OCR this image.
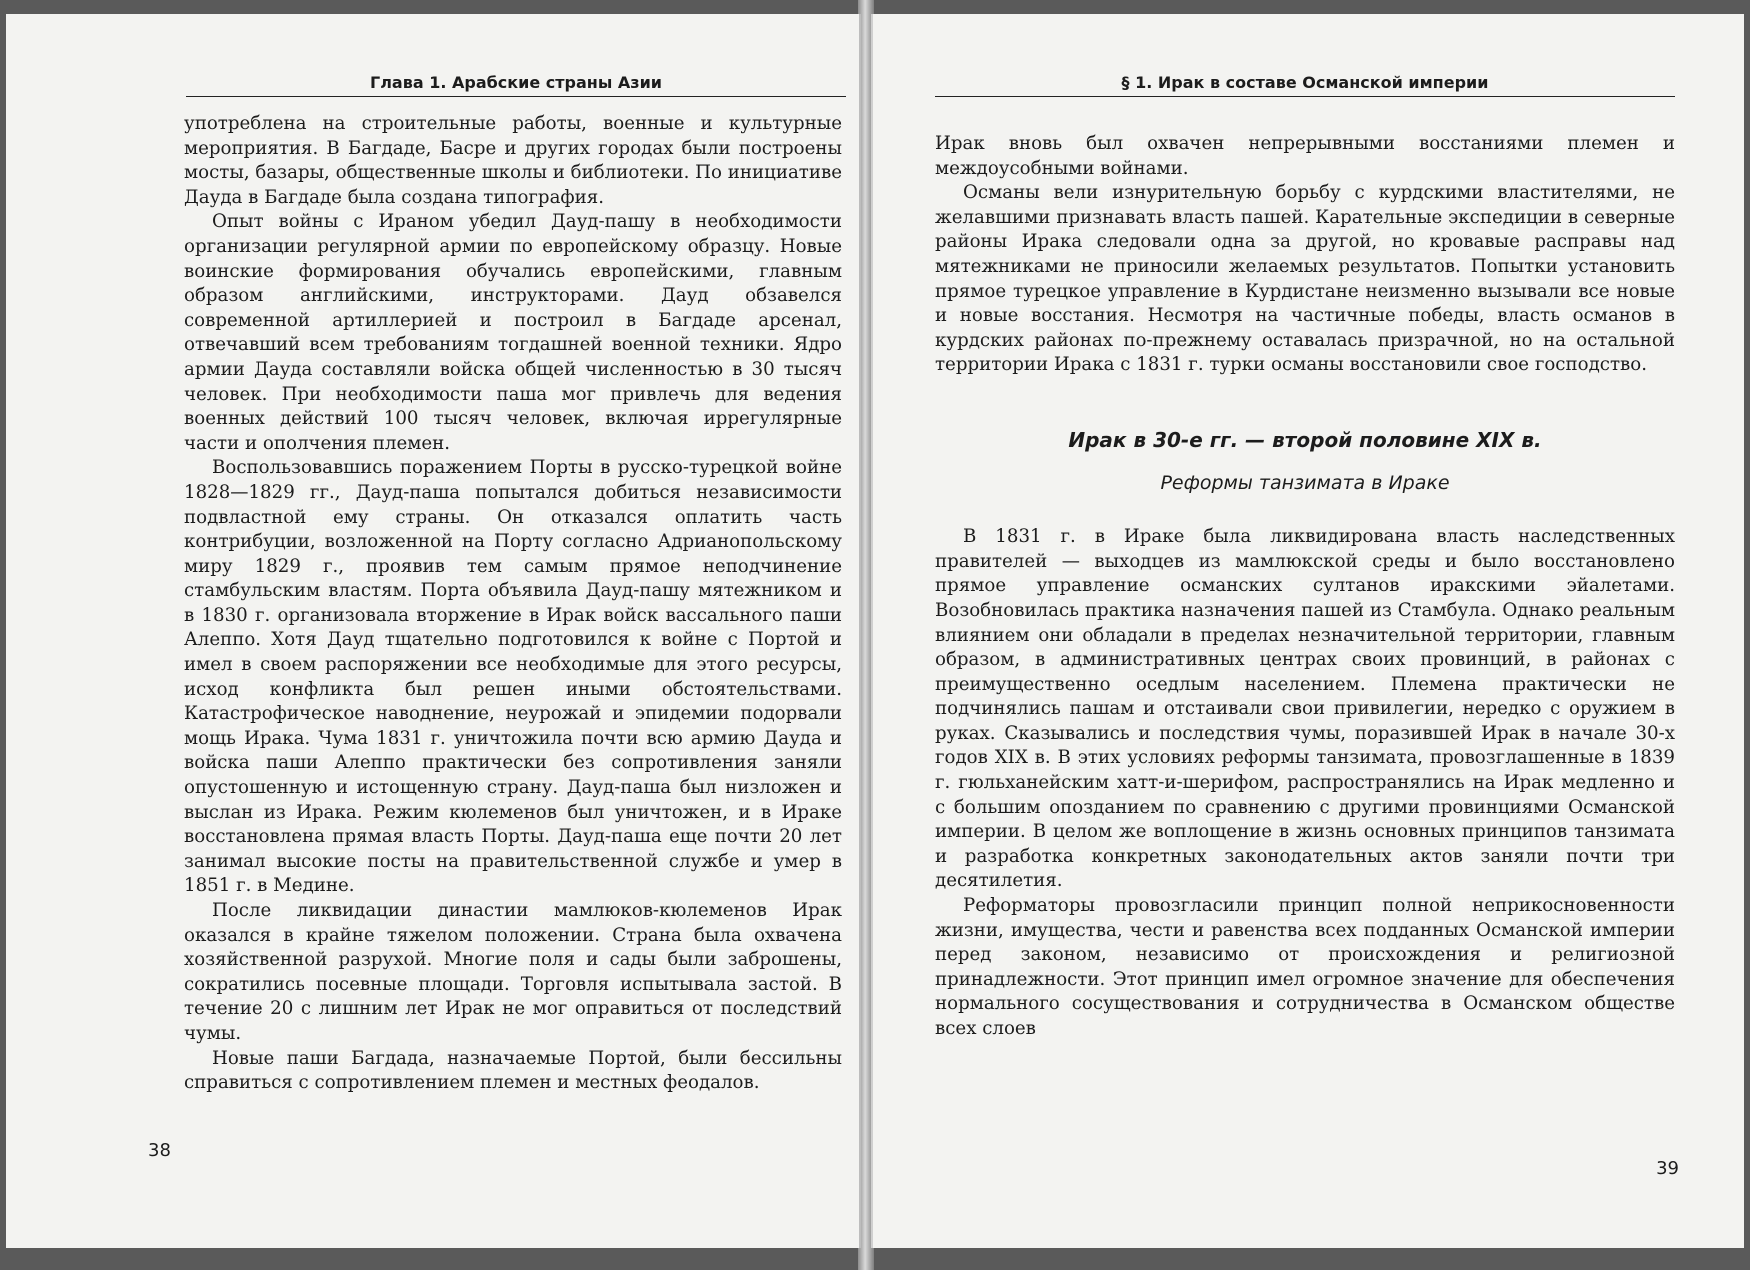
Глава 1. Арабские страны Азии

употреблена на строительные работы, военные и культурные мероприятия. В Багдаде, Басре и других городах были построены мосты, базары, общественные школы и библиотеки. По инициативе Дауда в Багдаде была создана типография.

Опыт войны с Ираном убедил Дауд-пашу в необходимости организации регулярной армии по европейскому образцу. Новые воинские формирования обучались европейскими, главным образом английскими, инструкторами. Дауд обзавелся современной артиллерией и построил в Багдаде арсенал, отвечавший всем требованиям тогдашней военной техники. Ядро армии Дауда составляли войска общей численностью в 30 тысяч человек. При необходимости паша мог привлечь для ведения военных действий 100 тысяч человек, включая иррегулярные части и ополчения племен.

Воспользовавшись поражением Порты в русско-турецкой войне 1828—1829 гг., Дауд-паша попытался добиться независимости подвластной ему страны. Он отказался оплатить часть контрибуции, возложенной на Порту согласно Адрианопольскому миру 1829 г., проявив тем самым прямое неподчинение стамбульским властям. Порта объявила Дауд-пашу мятежником и в 1830 г. организовала вторжение в Ирак войск вассального паши Алеппо. Хотя Дауд тщательно подготовился к войне с Портой и имел в своем распоряжении все необходимые для этого ресурсы, исход конфликта был решен иными обстоятельствами. Катастрофическое наводнение, неурожай и эпидемии подорвали мощь Ирака. Чума 1831 г. уничтожила почти всю армию Дауда и войска паши Алеппо практически без сопротивления заняли опустошенную и истощенную страну. Дауд-паша был низложен и выслан из Ирака. Режим кюлеменов был уничтожен, и в Ираке восстановлена прямая власть Порты. Дауд-паша еще почти 20 лет занимал высокие посты на правительственной службе и умер в 1851 г. в Медине.

После ликвидации династии мамлюков-кюлеменов Ирак оказался в крайне тяжелом положении. Страна была охвачена хозяйственной разрухой. Многие поля и сады были заброшены, сократились посевные площади. Торговля испытывала застой. В течение 20 с лишним лет Ирак не мог оправиться от последствий чумы.

Новые паши Багдада, назначаемые Портой, были бессильны справиться с сопротивлением племен и местных феодалов.

38
§ 1. Ирак в составе Османской империи

Ирак вновь был охвачен непрерывными восстаниями племен и междоусобными войнами.

Османы вели изнурительную борьбу с курдскими властителями, не желавшими признавать власть пашей. Карательные экспедиции в северные районы Ирака следовали одна за другой, но кровавые расправы над мятежниками не приносили желаемых результатов. Попытки установить прямое турецкое управление в Курдистане неизменно вызывали все новые и новые восстания. Несмотря на частичные победы, власть османов в курдских районах по-прежнему оставалась призрачной, но на остальной территории Ирака с 1831 г. турки османы восстановили свое господство.

Ирак в 30-е гг. — второй половине XIX в.
Реформы танзимата в Ираке

В 1831 г. в Ираке была ликвидирована власть наследственных правителей — выходцев из мамлюкской среды и было восстановлено прямое управление османских султанов иракскими эйалетами. Возобновилась практика назначения пашей из Стамбула. Однако реальным влиянием они обладали в пределах незначительной территории, главным образом, в административных центрах своих провинций, в районах с преимущественно оседлым населением. Племена практически не подчинялись пашам и отстаивали свои привилегии, нередко с оружием в руках. Сказывались и последствия чумы, поразившей Ирак в начале 30-х годов XIX в. В этих условиях реформы танзимата, провозглашенные в 1839 г. гюльханейским хатт-и-шерифом, распространялись на Ирак медленно и с большим опозданием по сравнению с другими провинциями Османской империи. В целом же воплощение в жизнь основных принципов танзимата и разработка конкретных законодательных актов заняли почти три десятилетия.

Реформаторы провозгласили принцип полной неприкосновенности жизни, имущества, чести и равенства всех подданных Османской империи перед законом, независимо от происхождения и религиозной принадлежности. Этот принцип имел огромное значение для обеспечения нормального сосуществования и сотрудничества в Османском обществе всех слоев

39
